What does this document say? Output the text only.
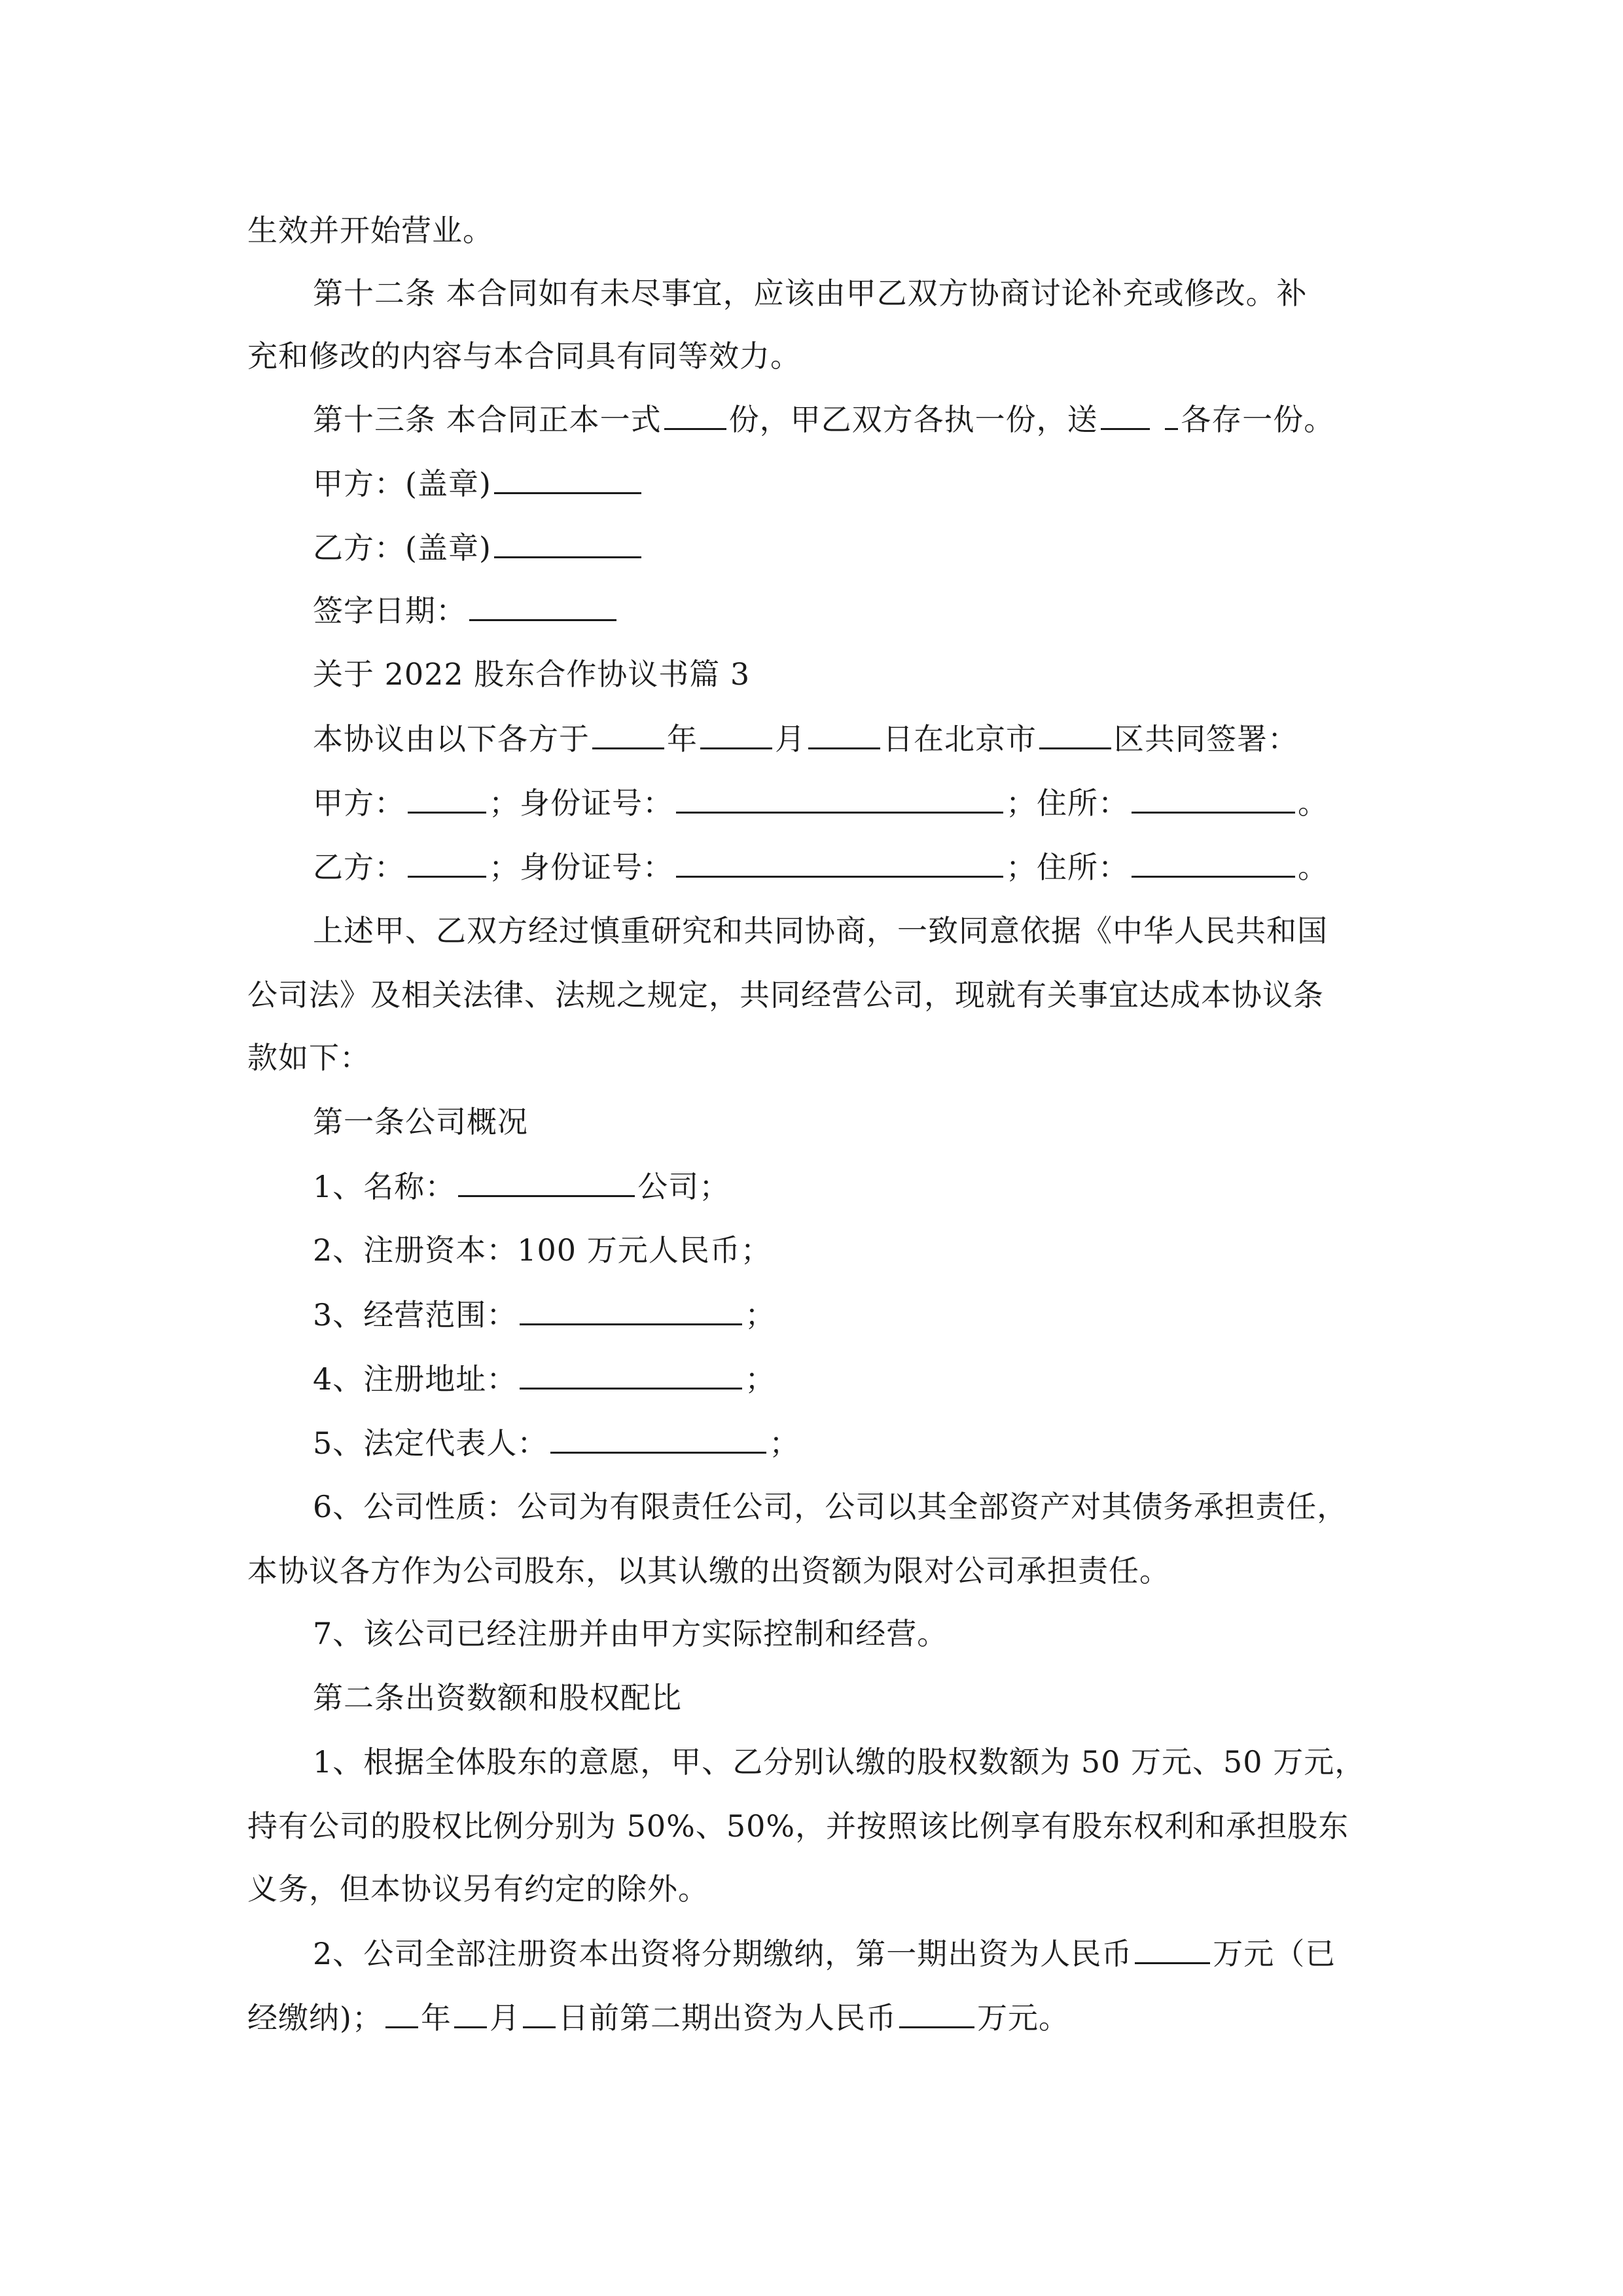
生效并开始营业。
第十二条 本合同如有未尽事宜，应该由甲乙双方协商讨论补充或修改。补
充和修改的内容与本合同具有同等效力。
第十三条 本合同正本一式 份，甲乙双方各执一份，送	各存一份。
甲方：(盖章)
乙方：(盖章)
签字日期：
关于 2022 股东合作协议书篇 3
本协议由以下各方于	年	月	日在北京市	区共同签署：
甲方：	；身份证号：	；住所：	。
乙方：	；身份证号：	；住所：	。
上述甲、乙双方经过慎重研究和共同协商，一致同意依据《中华人民共和国
公司法》及相关法律、法规之规定，共同经营公司，现就有关事宜达成本协议条
款如下：
第一条公司概况
1、名称：	公司；
2、注册资本：100 万元人民币；
3、经营范围：	；
4、注册地址：	；
5、法定代表人：	；
6、公司性质：公司为有限责任公司，公司以其全部资产对其债务承担责任，
本协议各方作为公司股东，以其认缴的出资额为限对公司承担责任。
7、该公司已经注册并由甲方实际控制和经营。
第二条出资数额和股权配比
1、根据全体股东的意愿，甲、乙分别认缴的股权数额为 50 万元、50 万元，
持有公司的股权比例分别为 50%、50%，并按照该比例享有股东权利和承担股东
义务，但本协议另有约定的除外。
2、公司全部注册资本出资将分期缴纳，第一期出资为人民币	万元（已
经缴纳)； 年 月 日前第二期出资为人民币	万元。
